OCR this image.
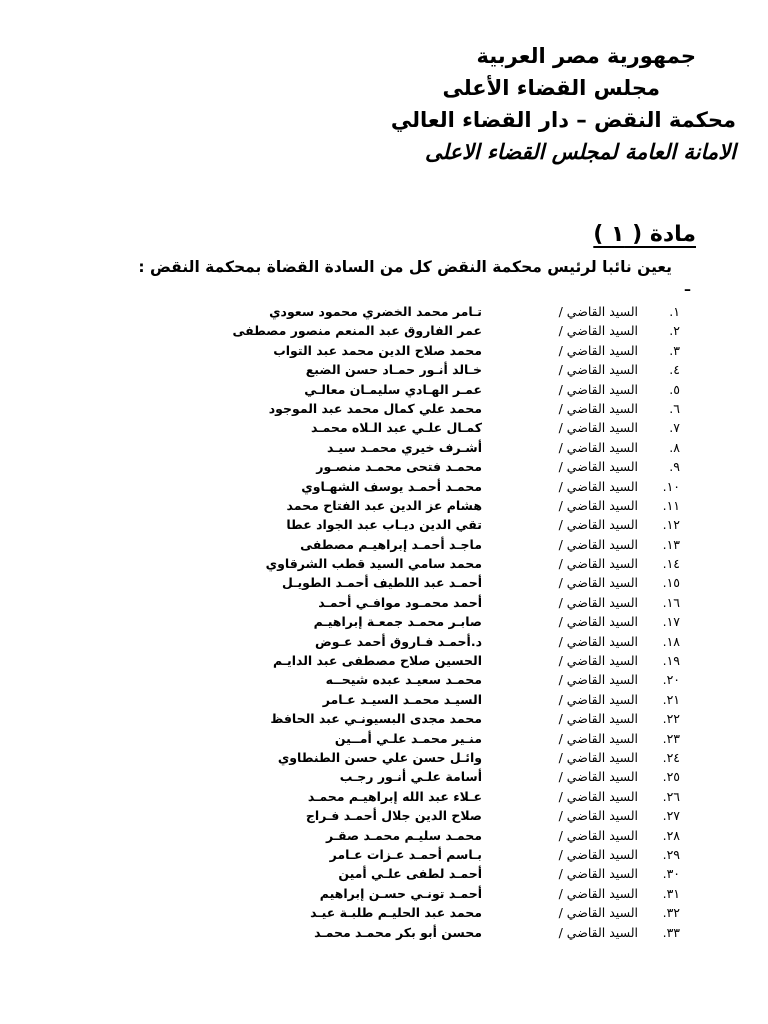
جمهورية مصر العربية
مجلس القضاء الأعلى
محكمة النقض – دار القضاء العالي
الامانة العامة لمجلس القضاء الاعلى
مادة ( ١ )
يعين نائبا لرئيس محكمة النقض كل من السادة القضاة بمحكمة النقض :
–
١.
السيد القاضي /
تـامر محمد الخضري محمود سعودي
٢.
السيد القاضي /
عمر الفاروق عبد المنعم منصور مصطفى
٣.
السيد القاضي /
محمد صلاح الدين محمد عبد التواب
٤.
السيد القاضي /
خـالد أنـور حمـاد حسن الضبع
٥.
السيد القاضي /
عمـر الهـادي سليمـان معالـي
٦.
السيد القاضي /
محمد علي كمال محمد عبد الموجود
٧.
السيد القاضي /
كمـال علـي عبد الـلاه محمـد
٨.
السيد القاضي /
أشـرف خيري محمـد سيـد
٩.
السيد القاضي /
محمـد فتحى محمـد منصـور
١٠.
السيد القاضي /
محمـد أحمـد يوسف الشهـاوي
١١.
السيد القاضي /
هشام عز الدين عبد الفتاح محمد
١٢.
السيد القاضي /
تقي الدين ديـاب عبد الجواد عطا
١٣.
السيد القاضي /
ماجـد أحمـد إبراهيـم مصطفى
١٤.
السيد القاضي /
محمد سامي السيد قطب الشرقاوي
١٥.
السيد القاضي /
أحمـد عبد اللطيف أحمـد الطويـل
١٦.
السيد القاضي /
أحمد محمـود موافـي أحمـد
١٧.
السيد القاضي /
صابـر محمـد جمعـة إبراهيـم
١٨.
السيد القاضي /
د.أحمـد فـاروق أحمد عـوض
١٩.
السيد القاضي /
الحسين صلاح مصطفى عبد الدايـم
٢٠.
السيد القاضي /
محمـد سعيـد عبده شيحــه
٢١.
السيد القاضي /
السيـد محمـد السيـد عـامر
٢٢.
السيد القاضي /
محمد مجدى البسيونـي عبد الحافظ
٢٣.
السيد القاضي /
منـير محمـد علـي أمــين
٢٤.
السيد القاضي /
وائـل حسن علي حسن الطنطاوي
٢٥.
السيد القاضي /
أسامة علـي أنـور رجـب
٢٦.
السيد القاضي /
عـلاء عبد الله إبراهيـم محمـد
٢٧.
السيد القاضي /
صلاح الدين جلال أحمـد فـراج
٢٨.
السيد القاضي /
محمـد سليـم محمـد صقـر
٢٩.
السيد القاضي /
بـاسم أحمـد عـزات عـامر
٣٠.
السيد القاضي /
أحمـد لطفى علـي أمين
٣١.
السيد القاضي /
أحمـد تونـي حسـن إبراهيم
٣٢.
السيد القاضي /
محمد عبد الحليـم طلبـة عيـد
٣٣.
السيد القاضي /
محسن أبو بكر محمـد محمـد
